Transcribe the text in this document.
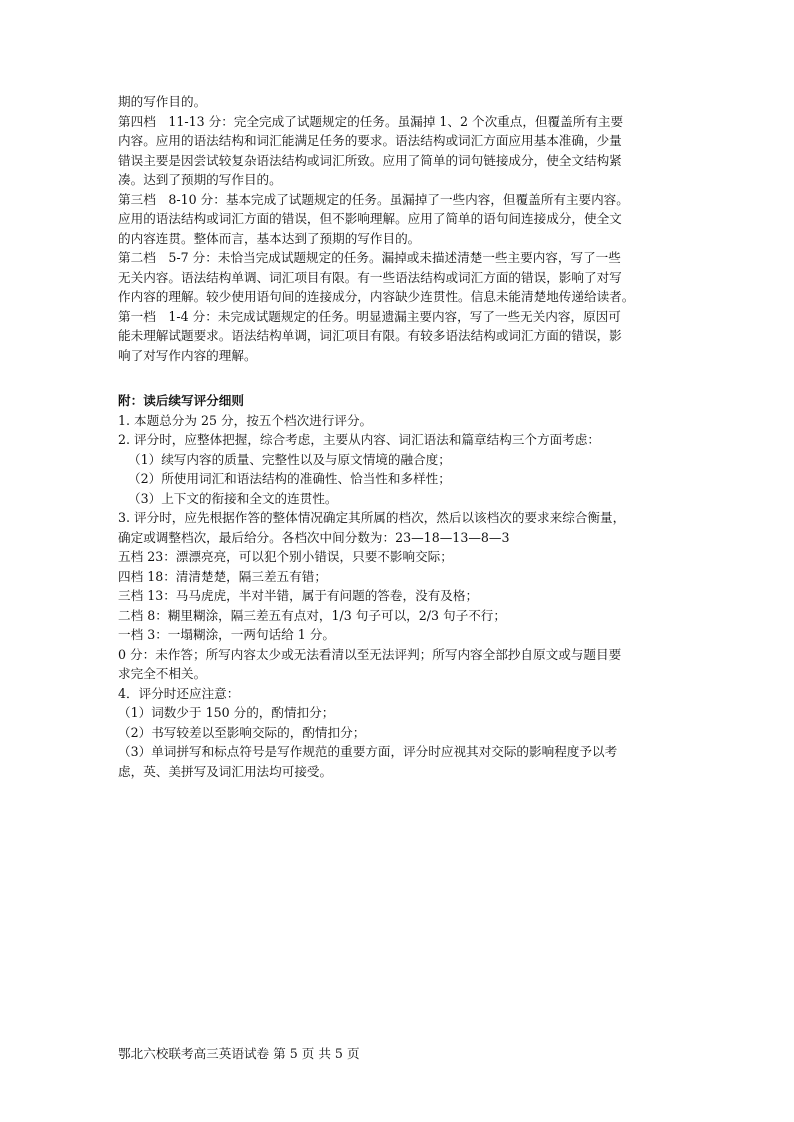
期的写作目的。
第四档　11-13 分：完全完成了试题规定的任务。虽漏掉 1、2 个次重点，但覆盖所有主要
内容。应用的语法结构和词汇能满足任务的要求。语法结构或词汇方面应用基本准确，少量
错误主要是因尝试较复杂语法结构或词汇所致。应用了简单的词句链接成分，使全文结构紧
凑。达到了预期的写作目的。
第三档　8-10 分：基本完成了试题规定的任务。虽漏掉了一些内容，但覆盖所有主要内容。
应用的语法结构或词汇方面的错误，但不影响理解。应用了简单的语句间连接成分，使全文
的内容连贯。整体而言，基本达到了预期的写作目的。
第二档　5-7 分：未恰当完成试题规定的任务。漏掉或未描述清楚一些主要内容，写了一些
无关内容。语法结构单调、词汇项目有限。有一些语法结构或词汇方面的错误，影响了对写
作内容的理解。较少使用语句间的连接成分，内容缺少连贯性。信息未能清楚地传递给读者。
第一档　1-4 分：未完成试题规定的任务。明显遗漏主要内容，写了一些无关内容，原因可
能未理解试题要求。语法结构单调，词汇项目有限。有较多语法结构或词汇方面的错误，影
响了对写作内容的理解。
附：读后续写评分细则
1. 本题总分为 25 分，按五个档次进行评分。
2. 评分时，应整体把握，综合考虑，主要从内容、词汇语法和篇章结构三个方面考虑：
（1）续写内容的质量、完整性以及与原文情境的融合度；
（2）所使用词汇和语法结构的准确性、恰当性和多样性；
（3）上下文的衔接和全文的连贯性。
3. 评分时，应先根据作答的整体情况确定其所属的档次，然后以该档次的要求来综合衡量，
确定或调整档次，最后给分。各档次中间分数为：23—18—13—8—3
五档 23：漂漂亮亮，可以犯个别小错误，只要不影响交际；
四档 18：清清楚楚，隔三差五有错；
三档 13：马马虎虎，半对半错，属于有问题的答卷，没有及格；
二档 8：糊里糊涂，隔三差五有点对，1/3 句子可以，2/3 句子不行；
一档 3：一塌糊涂，一两句话给 1 分。
0 分：未作答；所写内容太少或无法看清以至无法评判；所写内容全部抄自原文或与题目要
求完全不相关。
4．评分时还应注意：
（1）词数少于 150 分的，酌情扣分；
（2）书写较差以至影响交际的，酌情扣分；
（3）单词拼写和标点符号是写作规范的重要方面，评分时应视其对交际的影响程度予以考
虑，英、美拼写及词汇用法均可接受。
鄂北六校联考高三英语试卷 第 5 页 共 5 页
